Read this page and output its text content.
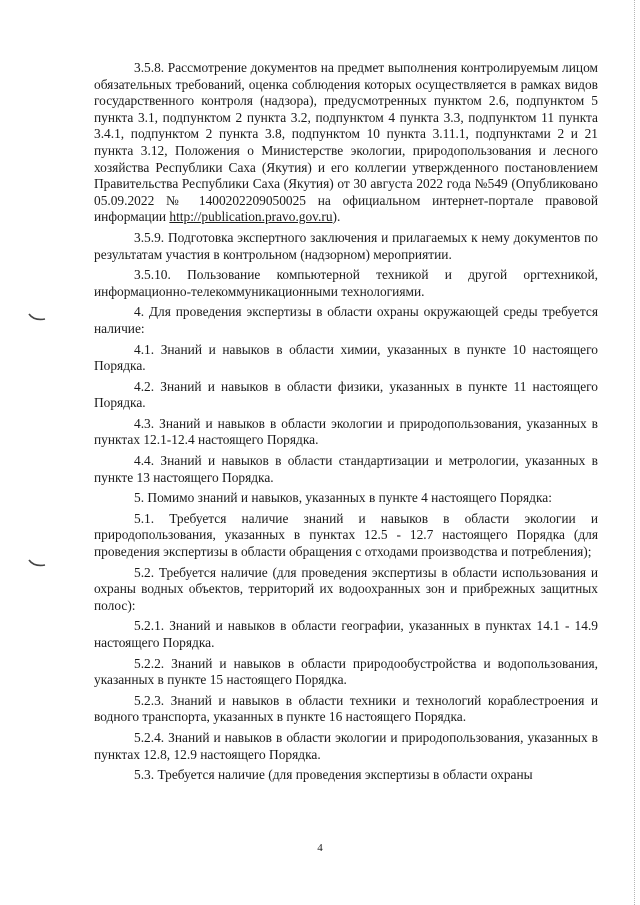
3.5.8. Рассмотрение документов на предмет выполнения контролируемым лицом обязательных требований, оценка соблюдения которых осуществляется в рамках видов государственного контроля (надзора), предусмотренных пунктом 2.6, подпунктом 5 пункта 3.1, подпунктом 2 пункта 3.2, подпунктом 4 пункта 3.3, подпунктом 11 пункта 3.4.1, подпунктом 2 пункта 3.8, подпунктом 10 пункта 3.11.1, подпунктами 2 и 21 пункта 3.12, Положения о Министерстве экологии, природопользования и лесного хозяйства Республики Саха (Якутия) и его коллегии утвержденного постановлением Правительства Республики Саха (Якутия) от 30 августа 2022 года №549 (Опубликовано 05.09.2022 № 1400202209050025 на официальном интернет-портале правовой информации http://publication.pravo.gov.ru).

3.5.9. Подготовка экспертного заключения и прилагаемых к нему документов по результатам участия в контрольном (надзорном) мероприятии.

3.5.10. Пользование компьютерной техникой и другой оргтехникой, информационно-телекоммуникационными технологиями.

4. Для проведения экспертизы в области охраны окружающей среды требуется наличие:

4.1. Знаний и навыков в области химии, указанных в пункте 10 настоящего Порядка.

4.2. Знаний и навыков в области физики, указанных в пункте 11 настоящего Порядка.

4.3. Знаний и навыков в области экологии и природопользования, указанных в пунктах 12.1-12.4 настоящего Порядка.

4.4. Знаний и навыков в области стандартизации и метрологии, указанных в пункте 13 настоящего Порядка.

5. Помимо знаний и навыков, указанных в пункте 4 настоящего Порядка:

5.1. Требуется наличие знаний и навыков в области экологии и природопользования, указанных в пунктах 12.5 - 12.7 настоящего Порядка (для проведения экспертизы в области обращения с отходами производства и потребления);

5.2. Требуется наличие (для проведения экспертизы в области использования и охраны водных объектов, территорий их водоохранных зон и прибрежных защитных полос):

5.2.1. Знаний и навыков в области географии, указанных в пунктах 14.1 - 14.9 настоящего Порядка.

5.2.2. Знаний и навыков в области природообустройства и водопользования, указанных в пункте 15 настоящего Порядка.

5.2.3. Знаний и навыков в области техники и технологий кораблестроения и водного транспорта, указанных в пункте 16 настоящего Порядка.

5.2.4. Знаний и навыков в области экологии и природопользования, указанных в пунктах 12.8, 12.9 настоящего Порядка.

5.3. Требуется наличие (для проведения экспертизы в области охраны

4
